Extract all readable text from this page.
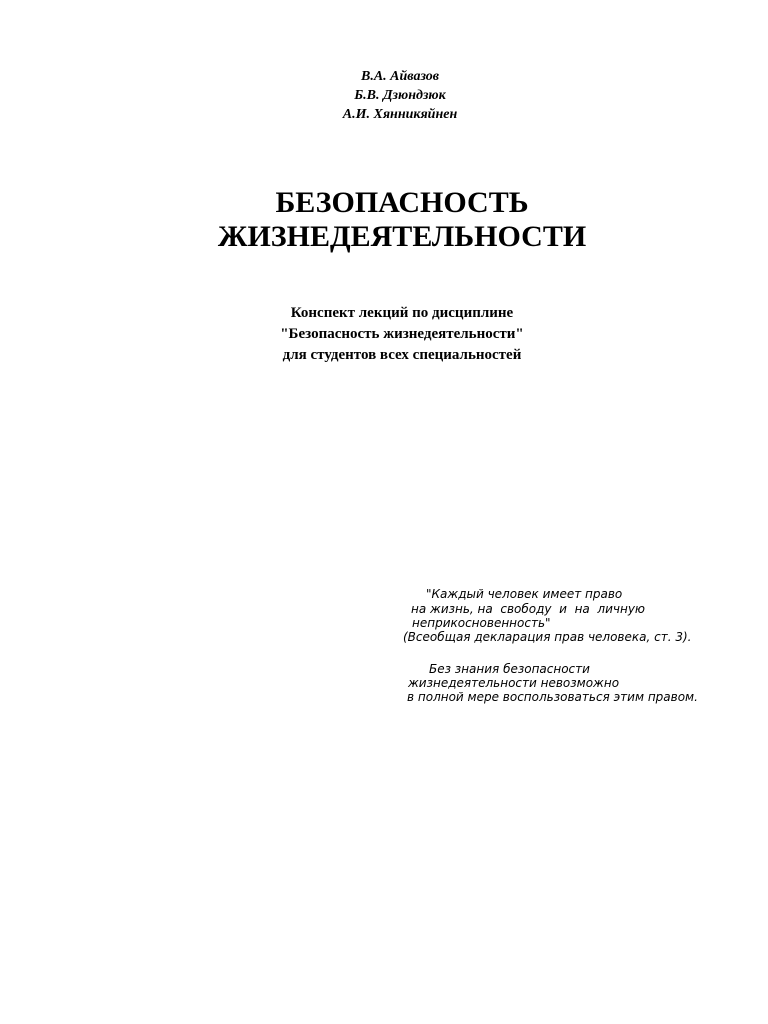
В.А. Айвазов
Б.В. Дзюндзюк
А.И. Хянникяйнен
БЕЗОПАСНОСТЬ
ЖИЗНЕДЕЯТЕЛЬНОСТИ
Конспект лекций по дисциплине
"Безопасность жизнедеятельности"
для студентов всех специальностей

"Каждый человек имеет право

на жизнь, на  свободу  и  на  личную

неприкосновенность"

(Всеобщая декларация прав человека, ст. 3).

Без знания безопасности

жизнедеятельности невозможно

в полной мере воспользоваться этим правом.
